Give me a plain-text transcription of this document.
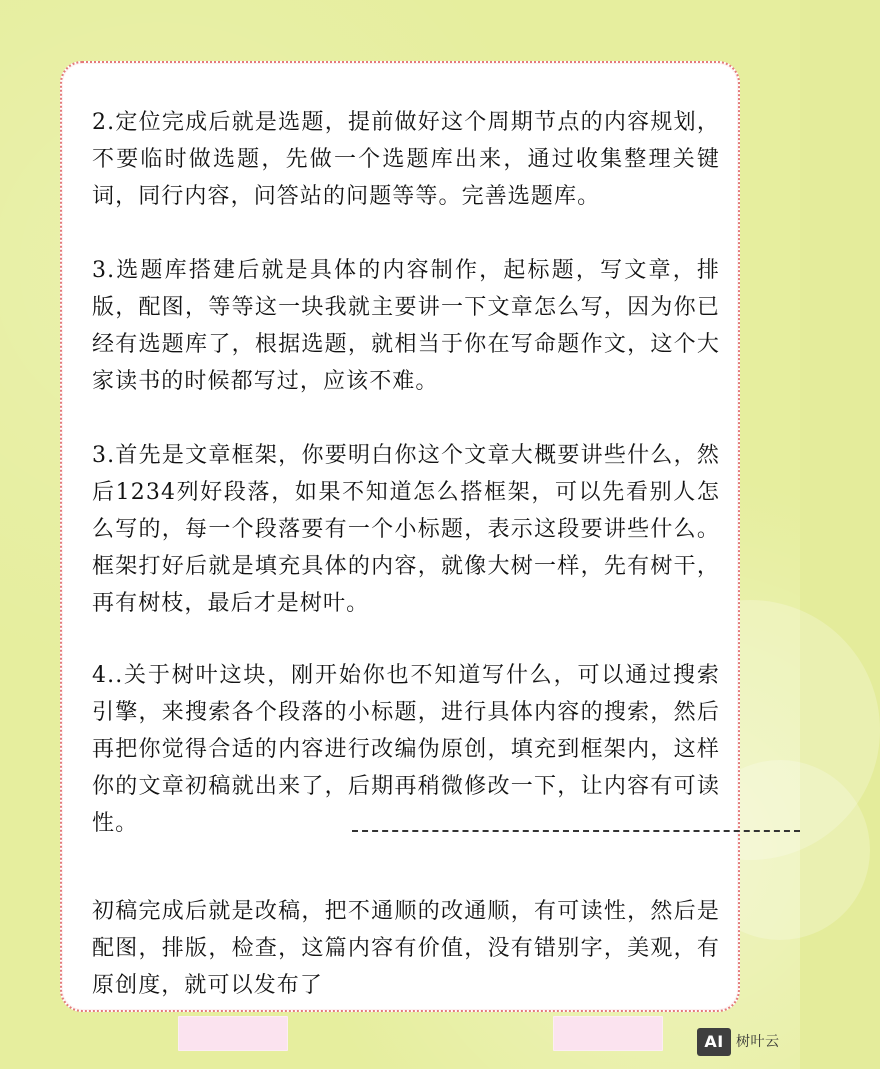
2.定位完成后就是选题，提前做好这个周期节点的内容规划，不要临时做选题，先做一个选题库出来，通过收集整理关键词，同行内容，问答站的问题等等。完善选题库。

3.选题库搭建后就是具体的内容制作，起标题，写文章，排版，配图，等等这一块我就主要讲一下文章怎么写，因为你已经有选题库了，根据选题，就相当于你在写命题作文，这个大家读书的时候都写过，应该不难。

3.首先是文章框架，你要明白你这个文章大概要讲些什么，然后1234列好段落，如果不知道怎么搭框架，可以先看别人怎么写的，每一个段落要有一个小标题，表示这段要讲些什么。框架打好后就是填充具体的内容，就像大树一样，先有树干，再有树枝，最后才是树叶。

4..关于树叶这块，刚开始你也不知道写什么，可以通过搜索引擎，来搜索各个段落的小标题，进行具体内容的搜索，然后再把你觉得合适的内容进行改编伪原创，填充到框架内，这样你的文章初稿就出来了，后期再稍微修改一下，让内容有可读性。

初稿完成后就是改稿，把不通顺的改通顺，有可读性，然后是配图，排版，检查，这篇内容有价值，没有错别字，美观，有原创度，就可以发布了

AI 树叶云
